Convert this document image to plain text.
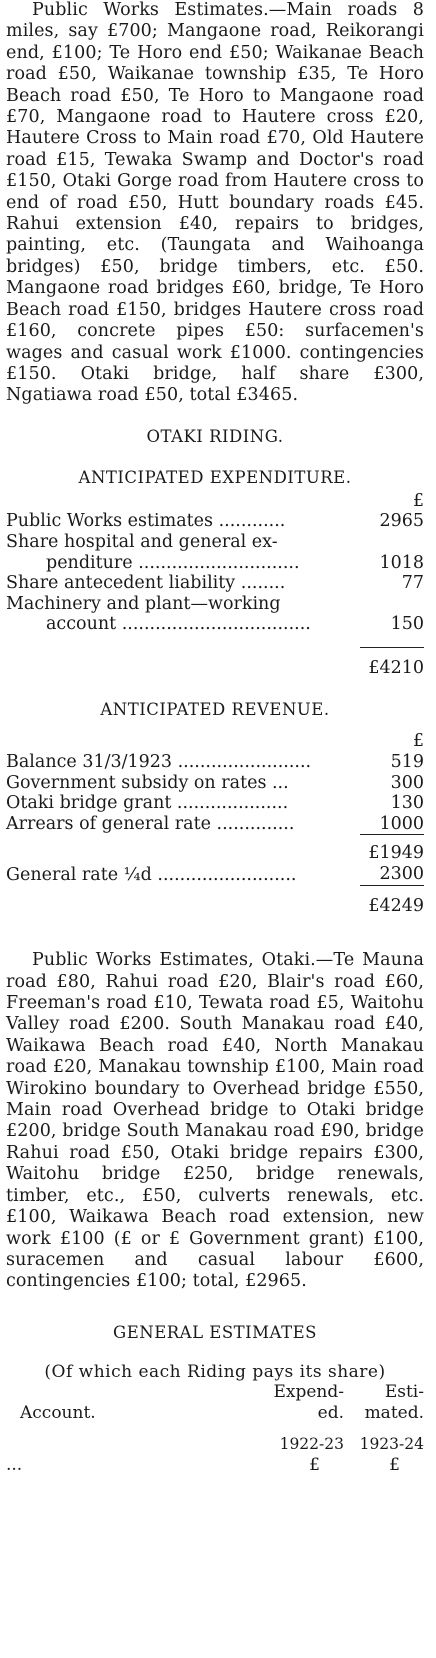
Public Works Estimates.—Main roads 8 miles, say £700; Mangaone road, Reikorangi end, £100; Te Horo end £50; Waikanae Beach road £50, Waikanae township £35, Te Horo Beach road £50, Te Horo to Mangaone road £70, Mangaone road to Hautere cross £20, Hautere Cross to Main road £70, Old Hautere road £15, Tewaka Swamp and Doctor's road £150, Otaki Gorge road from Hautere cross to end of road £50, Hutt boundary roads £45. Rahui extension £40, repairs to bridges, painting, etc. (Taungata and Waihoanga bridges) £50, bridge timbers, etc. £50. Mangaone road bridges £60, bridge, Te Horo Beach road £150, bridges Hautere cross road £160, concrete pipes £50: surfacemen's wages and casual work £1000. contingencies £150. Otaki bridge, half share £300, Ngatiawa road £50, total £3465.

OTAKI RIDING.

ANTICIPATED EXPENDITURE.

	£
Public Works estimates ............	2965
Share hospital and general ex-	
penditure .............................	1018
Share antecedent liability ........	77
Machinery and plant—working	
account ..................................	150

	£4210

ANTICIPATED REVENUE.

	£
Balance 31/3/1923 ........................	519
Government subsidy on rates ...	300
Otaki bridge grant ....................	130
Arrears of general rate ..............	1000
	£1949
General rate ¼d .........................	2300
	£4249

Public Works Estimates, Otaki.—Te Mauna road £80, Rahui road £20, Blair's road £60, Freeman's road £10, Tewata road £5, Waitohu Valley road £200. South Manakau road £40, Waikawa Beach road £40, North Manakau road £20, Manakau township £100, Main road Wirokino boundary to Overhead bridge £550, Main road Overhead bridge to Otaki bridge £200, bridge South Manakau road £90, bridge Rahui road £50, Otaki bridge repairs £300, Waitohu bridge £250, bridge renewals, timber, etc., £50, culverts renewals, etc. £100, Waikawa Beach road extension, new work £100 (£ or £ Government grant) £100, suracemen and casual labour £600, contingencies £100; total, £2965.

GENERAL ESTIMATES

(Of which each Riding pays its share)

	Expend-	Esti-
Account.	ed.	mated.

	1922-23	1923-24
...	£	£
